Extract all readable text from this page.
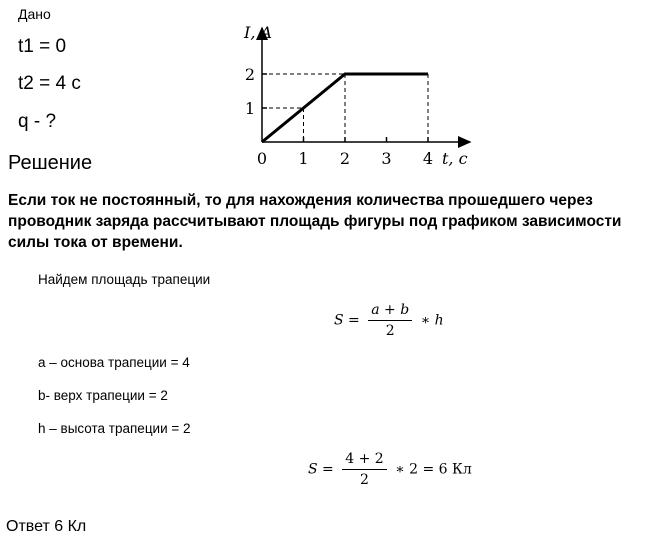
Дано
t1 = 0
t2 = 4 с
q - ?
0 1 2 3 4
1
2
I, A
t, c
Решение
Если ток не постоянный, то для нахождения количества прошедшего через проводник заряда рассчитывают площадь фигуры под графиком зависимости силы тока от времени.
Найдем площадь трапеции
$S = \frac{a + b}{2}$ ∗ h
a – основа трапеции = 4
b- верх трапеции = 2
h – высота трапеции = 2
$S = \frac{4 + 2}{2}$ ∗ 2 = 6 Кл
Ответ 6 Кл
